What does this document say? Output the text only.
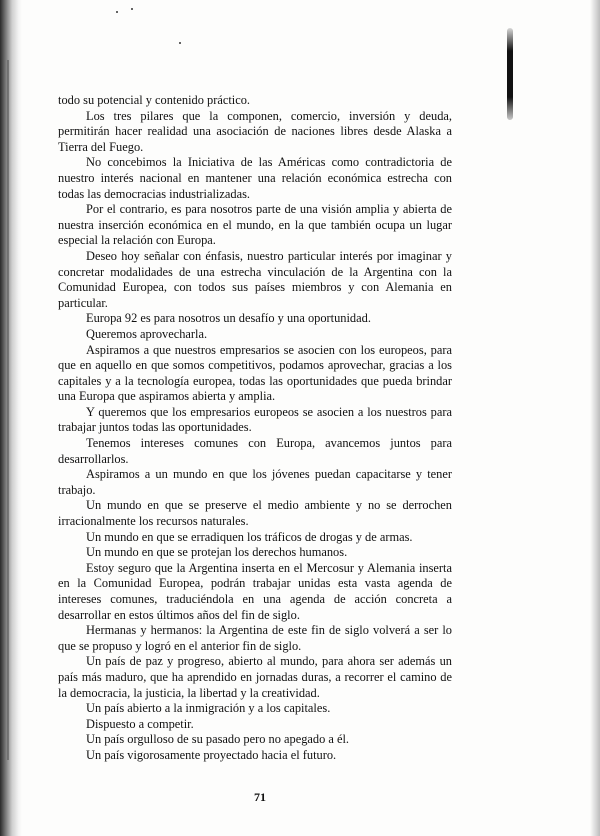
todo su potencial y contenido práctico.

Los tres pilares que la componen, comercio, inversión y deuda, permitirán hacer realidad una asociación de naciones libres desde Alaska a Tierra del Fuego.

No concebimos la Iniciativa de las Américas como contradictoria de nuestro interés nacional en mantener una relación económica estrecha con todas las democracias industrializadas.

Por el contrario, es para nosotros parte de una visión amplia y abierta de nuestra inserción económica en el mundo, en la que también ocupa un lugar especial la relación con Europa.

Deseo hoy señalar con énfasis, nuestro particular interés por imaginar y concretar modalidades de una estrecha vinculación de la Argentina con la Comunidad Europea, con todos sus países miembros y con Alemania en particular.

Europa 92 es para nosotros un desafío y una oportunidad.

Queremos aprovecharla.

Aspiramos a que nuestros empresarios se asocien con los europeos, para que en aquello en que somos competitivos, podamos aprovechar, gracias a los capitales y a la tecnología europea, todas las oportunidades que pueda brindar una Europa que aspiramos abierta y amplia.

Y queremos que los empresarios europeos se asocien a los nuestros para trabajar juntos todas las oportunidades.

Tenemos intereses comunes con Europa, avancemos juntos para desarrollarlos.

Aspiramos a un mundo en que los jóvenes puedan capacitarse y tener trabajo.

Un mundo en que se preserve el medio ambiente y no se derrochen irracionalmente los recursos naturales.

Un mundo en que se erradiquen los tráficos de drogas y de armas.

Un mundo en que se protejan los derechos humanos.

Estoy seguro que la Argentina inserta en el Mercosur y Alemania inserta en la Comunidad Europea, podrán trabajar unidas esta vasta agenda de intereses comunes, traduciéndola en una agenda de acción concreta a desarrollar en estos últimos años del fin de siglo.

Hermanas y hermanos: la Argentina de este fin de siglo volverá a ser lo que se propuso y logró en el anterior fin de siglo.

Un país de paz y progreso, abierto al mundo, para ahora ser además un país más maduro, que ha aprendido en jornadas duras, a recorrer el camino de la democracia, la justicia, la libertad y la creatividad.

Un país abierto a la inmigración y a los capitales.

Dispuesto a competir.

Un país orgulloso de su pasado pero no apegado a él.

Un país vigorosamente proyectado hacia el futuro.

71
